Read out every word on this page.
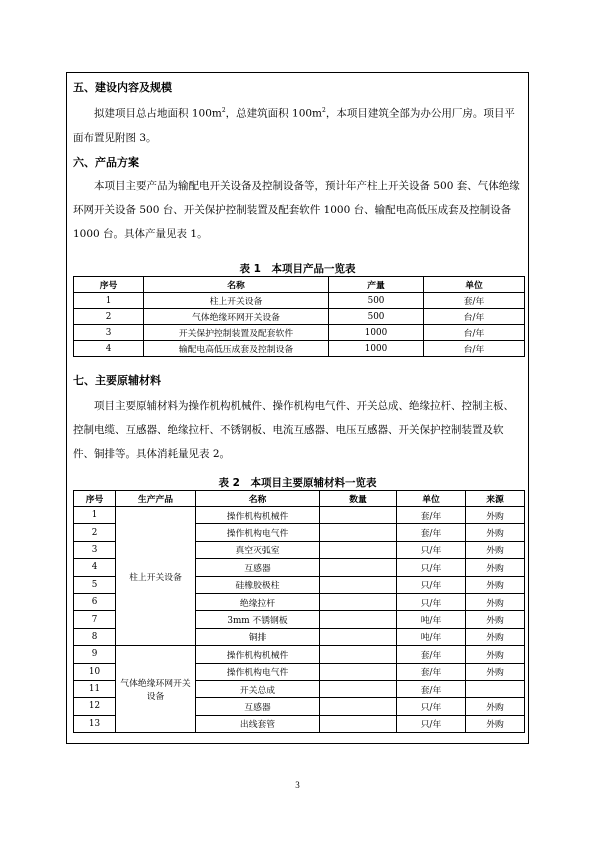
五、建设内容及规模
拟建项目总占地面积 $100m^2$，总建筑面积 $100m^2$，本项目建筑全部为办公用厂房。项目平面布置见附图 3。
六、产品方案
本项目主要产品为输配电开关设备及控制设备等，预计年产柱上开关设备 500 套、气体绝缘环网开关设备 500 台、开关保护控制装置及配套软件 1000 台、输配电高低压成套及控制设备 1000 台。具体产量见表 1。
表 1　本项目产品一览表
序号	名称	产量	单位
1	柱上开关设备	500	套/年
2	气体绝缘环网开关设备	500	台/年
3	开关保护控制装置及配套软件	1000	台/年
4	输配电高低压成套及控制设备	1000	台/年
七、主要原辅材料
项目主要原辅材料为操作机构机械件、操作机构电气件、开关总成、绝缘拉杆、控制主板、控制电缆、互感器、绝缘拉杆、不锈钢板、电流互感器、电压互感器、开关保护控制装置及软件、铜排等。具体消耗量见表 2。
表 2　本项目主要原辅材料一览表
序号	生产产品	名称	数量	单位	来源
1	柱上开关设备	操作机构机械件		套/年	外购
2		操作机构电气件		套/年	外购
3		真空灭弧室		只/年	外购
4		互感器		只/年	外购
5		硅橡胶极柱		只/年	外购
6		绝缘拉杆		只/年	外购
7		3mm 不锈钢板		吨/年	外购
8		铜排		吨/年	外购
9	气体绝缘环网开关设备	操作机构机械件		套/年	外购
10		操作机构电气件		套/年	外购
11		开关总成		套/年	
12		互感器		只/年	外购
13		出线套管		只/年	外购
3
